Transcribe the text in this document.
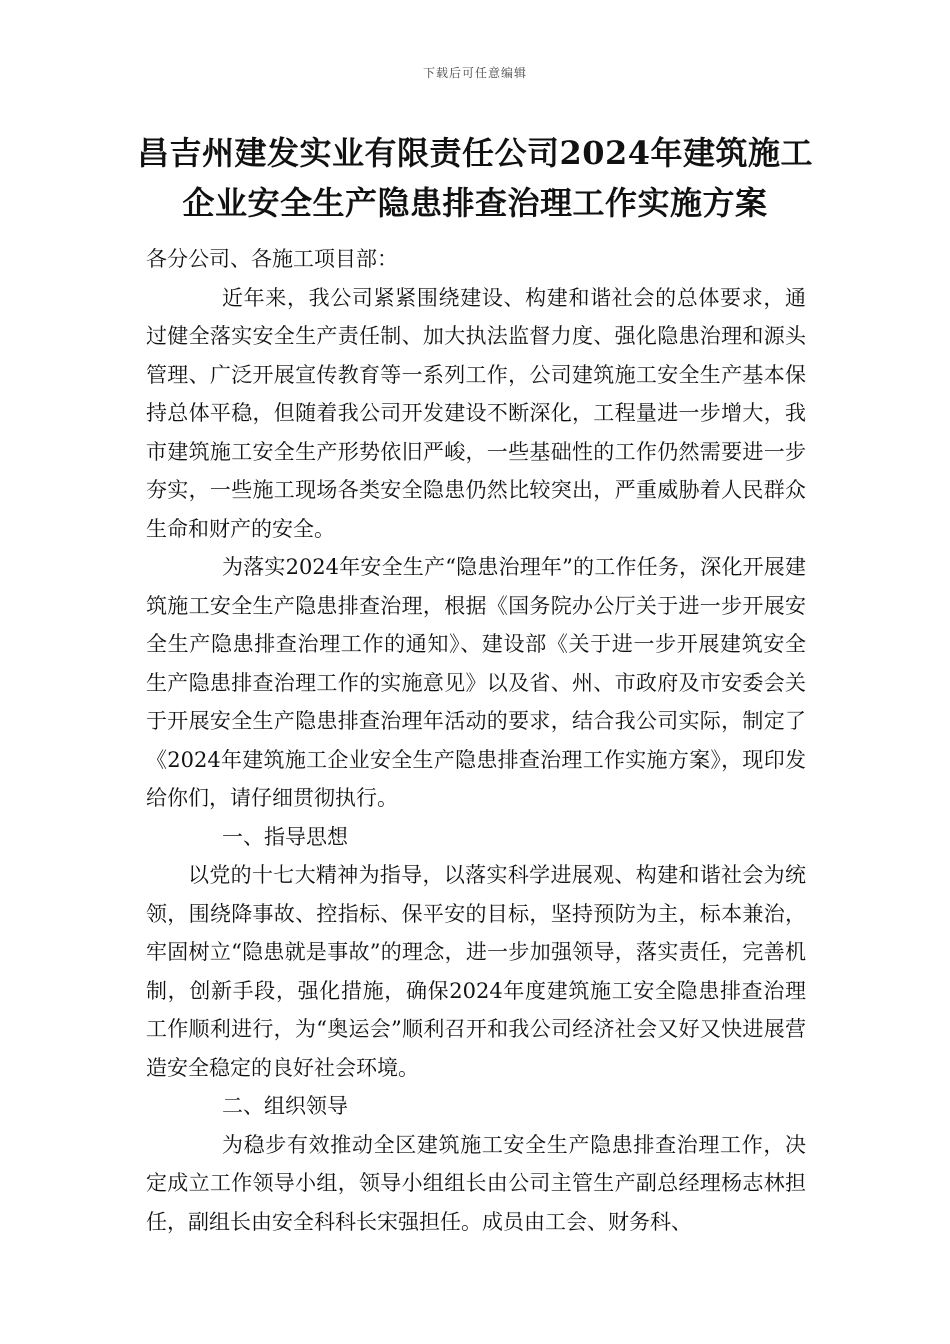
下载后可任意编辑
昌吉州建发实业有限责任公司2024年建筑施工
企业安全生产隐患排查治理工作实施方案

各分公司、各施工项目部：

近年来，我公司紧紧围绕建设、构建和谐社会的总体要求，通过健全落实安全生产责任制、加大执法监督力度、强化隐患治理和源头管理、广泛开展宣传教育等一系列工作，公司建筑施工安全生产基本保持总体平稳，但随着我公司开发建设不断深化，工程量进一步增大，我市建筑施工安全生产形势依旧严峻，一些基础性的工作仍然需要进一步夯实，一些施工现场各类安全隐患仍然比较突出，严重威胁着人民群众生命和财产的安全。

为落实2024年安全生产“隐患治理年”的工作任务，深化开展建筑施工安全生产隐患排查治理，根据《国务院办公厅关于进一步开展安全生产隐患排查治理工作的通知》、建设部《关于进一步开展建筑安全生产隐患排查治理工作的实施意见》以及省、州、市政府及市安委会关于开展安全生产隐患排查治理年活动的要求，结合我公司实际，制定了《2024年建筑施工企业安全生产隐患排查治理工作实施方案》，现印发给你们，请仔细贯彻执行。

一、指导思想

以党的十七大精神为指导，以落实科学进展观、构建和谐社会为统领，围绕降事故、控指标、保平安的目标，坚持预防为主，标本兼治，牢固树立“隐患就是事故”的理念，进一步加强领导，落实责任，完善机制，创新手段，强化措施，确保2024年度建筑施工安全隐患排查治理工作顺利进行，为“奥运会”顺利召开和我公司经济社会又好又快进展营造安全稳定的良好社会环境。

二、组织领导

为稳步有效推动全区建筑施工安全生产隐患排查治理工作，决定成立工作领导小组，领导小组组长由公司主管生产副总经理杨志林担任，副组长由安全科科长宋强担任。成员由工会、财务科、
